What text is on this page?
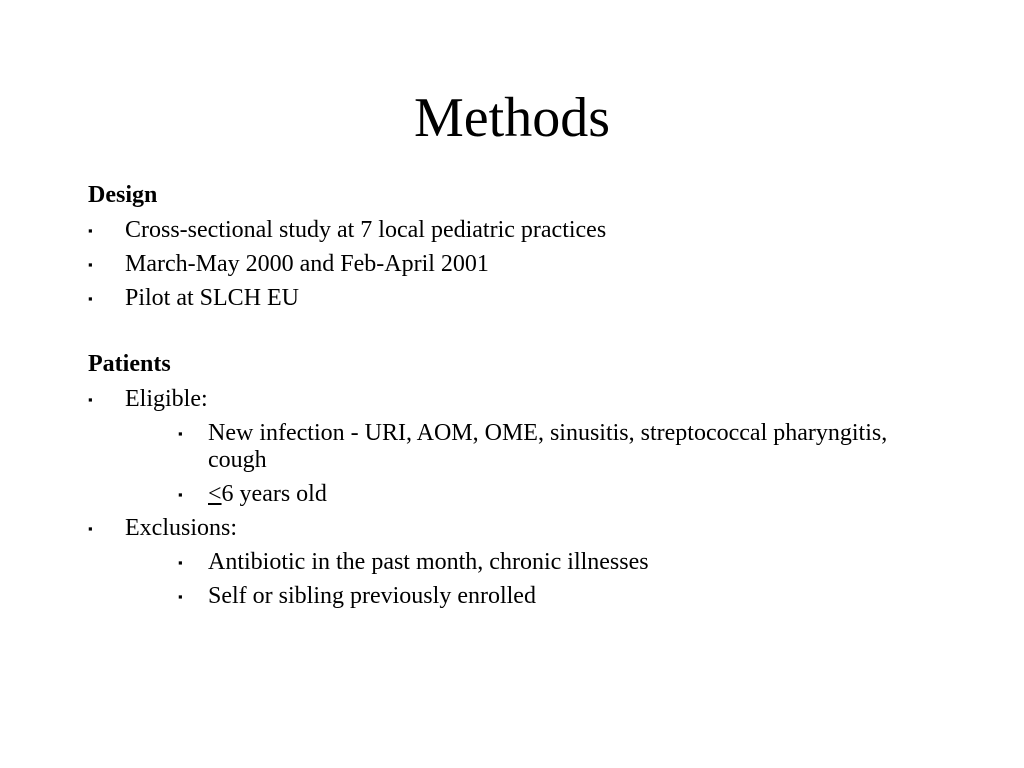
Methods
Design
▪ Cross-sectional study at 7 local pediatric practices
▪ March-May 2000 and Feb-April 2001
▪ Pilot at SLCH EU
Patients
▪ Eligible:
▪	New infection - URI, AOM, OME, sinusitis, streptococcal pharyngitis, cough
▪	≤6 years old
▪ Exclusions:
▪	Antibiotic in the past month, chronic illnesses
▪	Self or sibling previously enrolled
